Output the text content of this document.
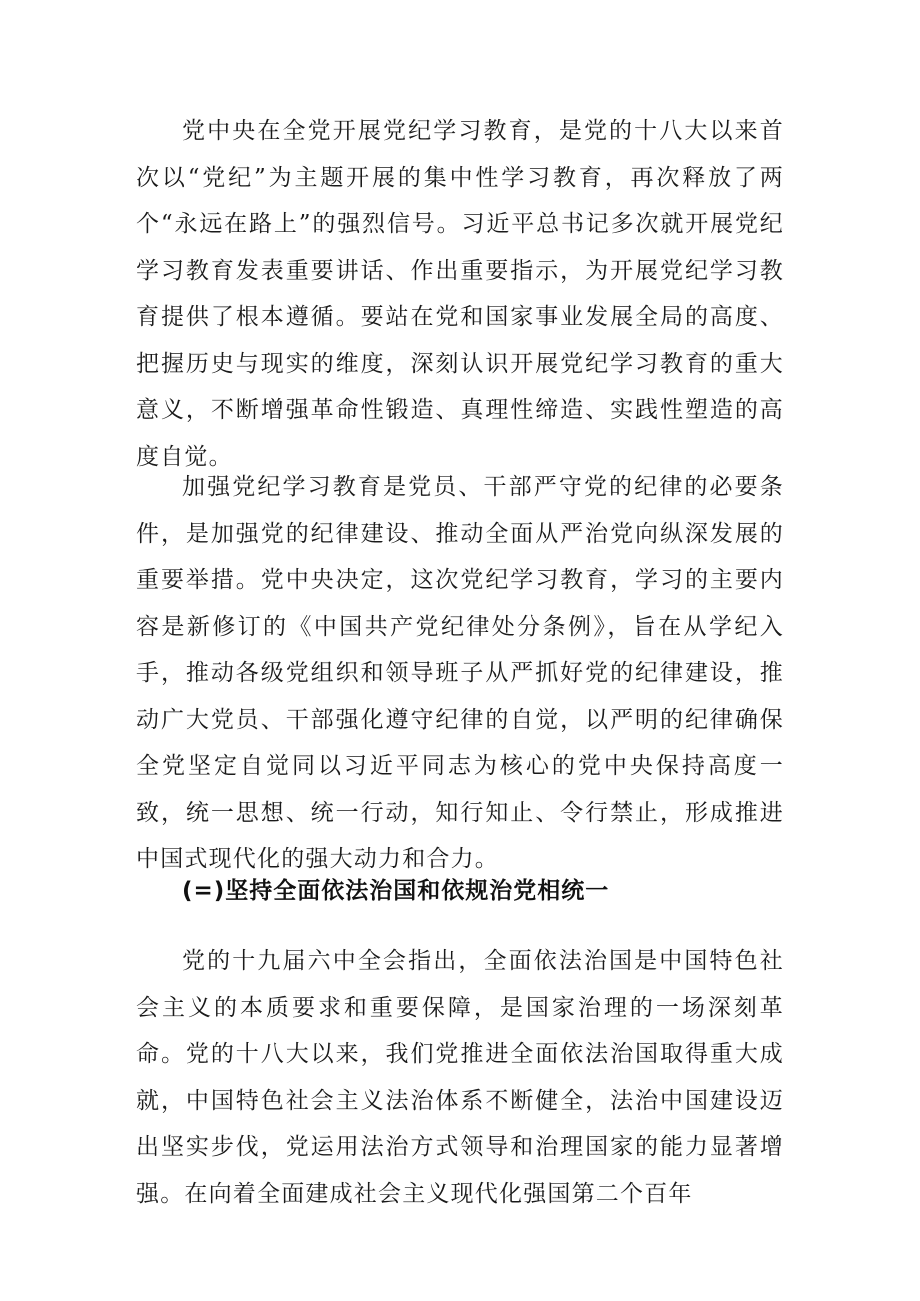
党中央在全党开展党纪学习教育，是党的十八大以来首次以“党纪”为主题开展的集中性学习教育，再次释放了两个“永远在路上”的强烈信号。习近平总书记多次就开展党纪学习教育发表重要讲话、作出重要指示，为开展党纪学习教育提供了根本遵循。要站在党和国家事业发展全局的高度、把握历史与现实的维度，深刻认识开展党纪学习教育的重大意义，不断增强革命性锻造、真理性缔造、实践性塑造的高度自觉。

加强党纪学习教育是党员、干部严守党的纪律的必要条件，是加强党的纪律建设、推动全面从严治党向纵深发展的重要举措。党中央决定，这次党纪学习教育，学习的主要内容是新修订的《中国共产党纪律处分条例》，旨在从学纪入手，推动各级党组织和领导班子从严抓好党的纪律建设，推动广大党员、干部强化遵守纪律的自觉，以严明的纪律确保全党坚定自觉同以习近平同志为核心的党中央保持高度一致，统一思想、统一行动，知行知止、令行禁止，形成推进中国式现代化的强大动力和合力。

(=)坚持全面依法治国和依规治党相统一

党的十九届六中全会指出，全面依法治国是中国特色社会主义的本质要求和重要保障，是国家治理的一场深刻革命。党的十八大以来，我们党推进全面依法治国取得重大成就，中国特色社会主义法治体系不断健全，法治中国建设迈出坚实步伐，党运用法治方式领导和治理国家的能力显著增强。在向着全面建成社会主义现代化强国第二个百年
